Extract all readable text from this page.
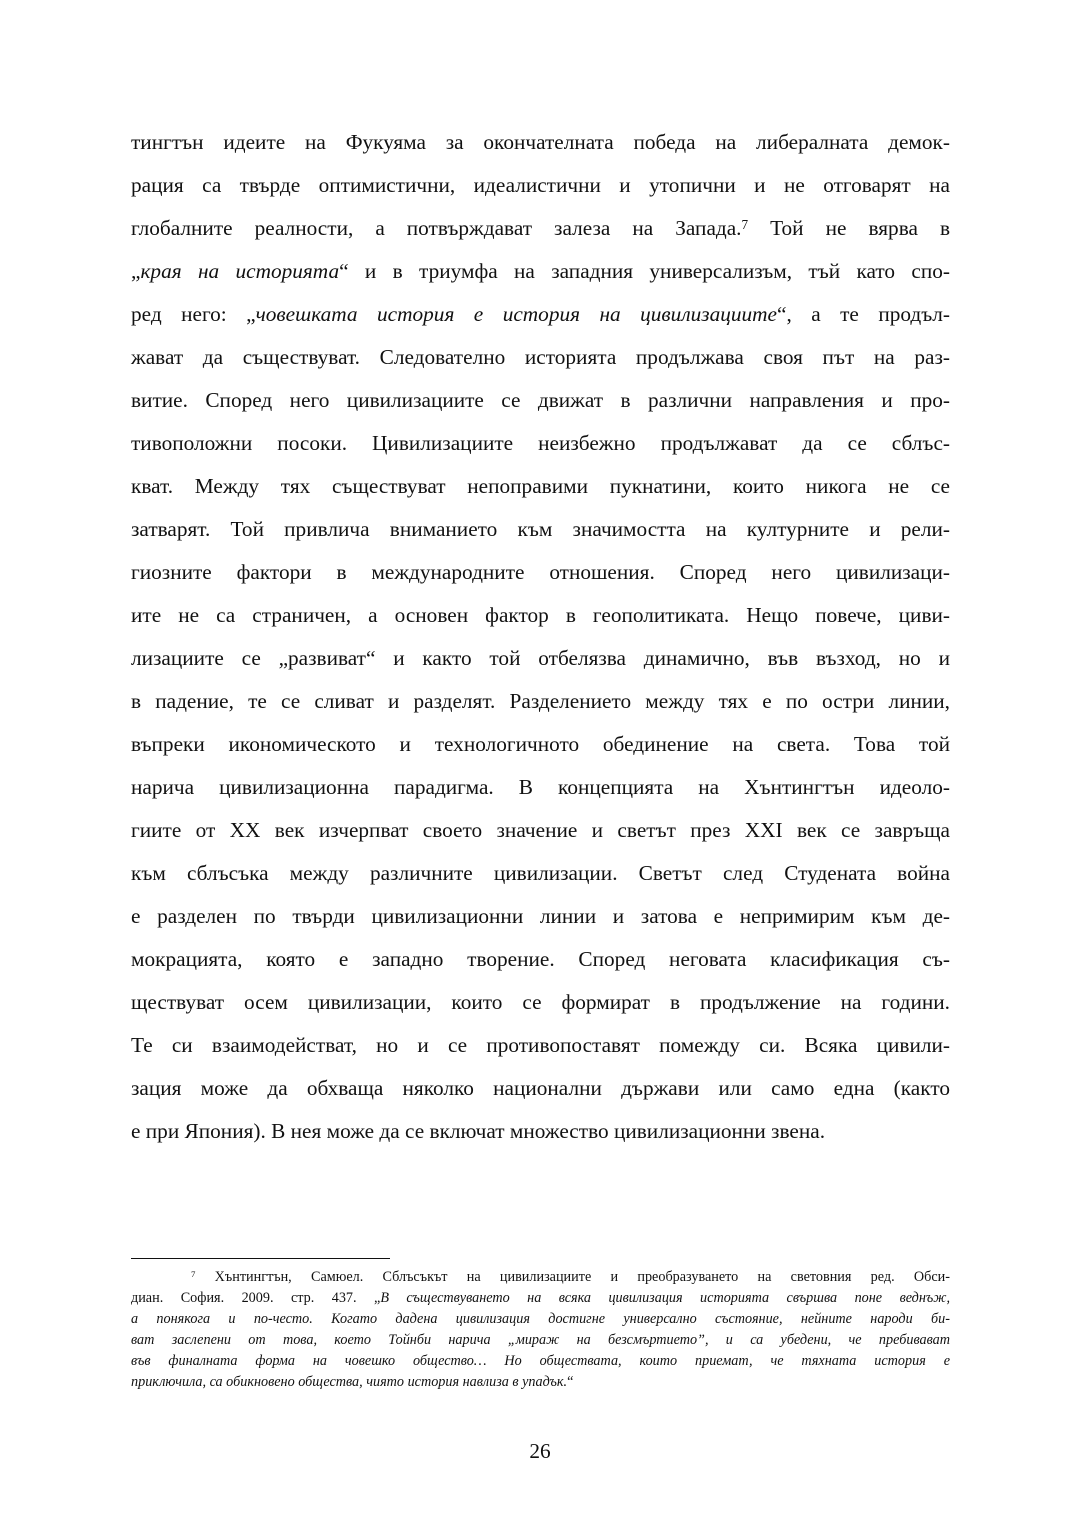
тингтън идеите на Фукуяма за окончателната победа на либералната демок-
рация са твърде оптимистични, идеалистични и утопични и не отговарят на
глобалните реалности, а потвърждават залеза на Запада.$^7$ Той не вярва в
„края на историята“ и в триумфа на западния универсализъм, тъй като спо-
ред него: „човешката история е история на цивилизациите“, а те продъл-
жават да съществуват. Следователно историята продължава своя път на раз-
витие. Според него цивилизациите се движат в различни направления и про-
тивоположни посоки. Цивилизациите неизбежно продължават да се сблъс-
кват. Между тях съществуват непоправими пукнатини, които никога не се
затварят. Той привлича вниманието към значимостта на културните и рели-
гиозните фактори в международните отношения. Според него цивилизаци-
ите не са страничен, а основен фактор в геополитиката. Нещо повече, циви-
лизациите се „развиват“ и както той отбелязва динамично, във възход, но и
в падение, те се сливат и разделят. Разделението между тях е по остри линии,
въпреки икономическото и технологичното обединение на света. Това той
нарича цивилизационна парадигма. В концепцията на Хънтингтън идеоло-
гиите от XX век изчерпват своето значение и светът през XXI век се завръща
към сблъсъка между различните цивилизации. Светът след Студената война
е разделен по твърди цивилизационни линии и затова е непримирим към де-
мокрацията, която е западно творение. Според неговата класификация съ-
ществуват осем цивилизации, които се формират в продължение на години.
Те си взаимодействат, но и се противопоставят помежду си. Всяка цивили-
зация може да обхваща няколко национални държави или само една (както
е при Япония). В нея може да се включат множество цивилизационни звена.
$^7$ Хънтингтън, Самюел. Сблъсъкът на цивилизациите и преобразуването на световния ред. Обси-
диан. София. 2009. стр. 437. „В съществуването на всяка цивилизация историята свършва поне веднъж,
а понякога и по-често. Когато дадена цивилизация достигне универсално състояние, нейните народи би-
ват заслепени от това, което Тойнби нарича „мираж на безсмъртието”, и са убедени, че пребивават
във финалната форма на човешко общество… Но обществата, които приемат, че тяхната история е
приключила, са обикновено общества, чиято история навлиза в упадък.“
26
